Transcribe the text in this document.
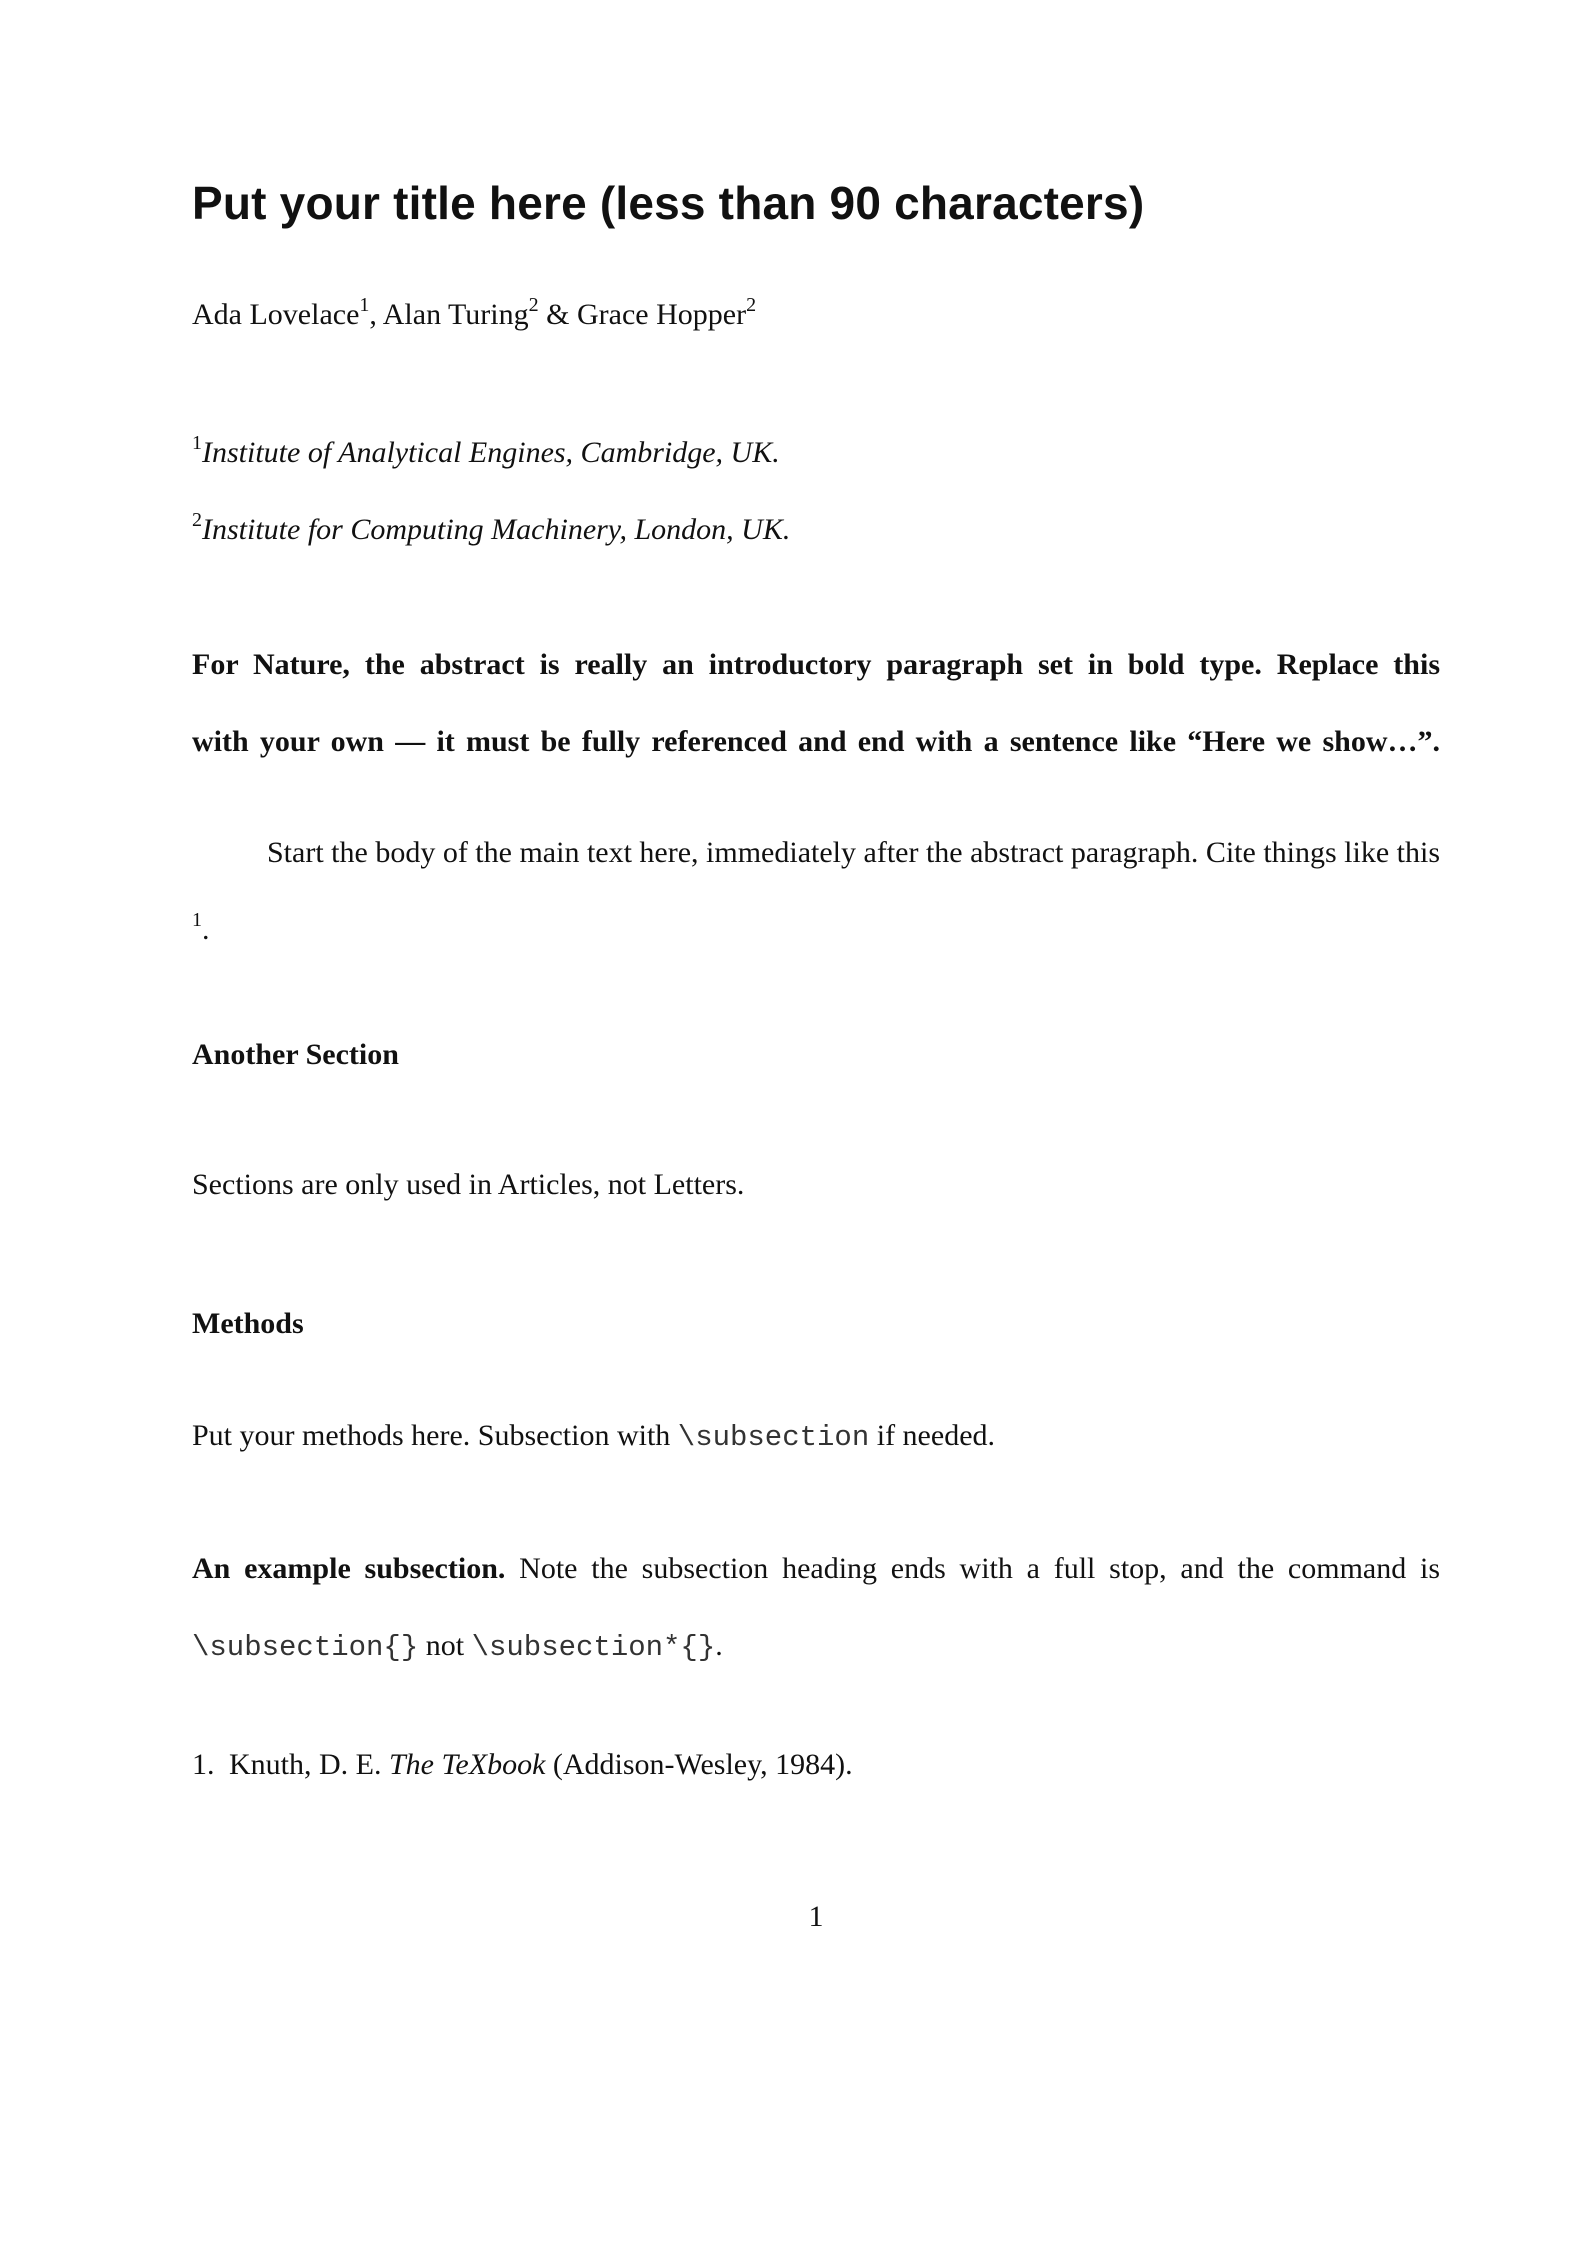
Put your title here (less than 90 characters)
Ada Lovelace$^1$, Alan Turing$^2$ & Grace Hopper$^2$
$^1$Institute of Analytical Engines, Cambridge, UK.
$^2$Institute for Computing Machinery, London, UK.
For Nature, the abstract is really an introductory paragraph set in bold type. Replace this
with your own — it must be fully referenced and end with a sentence like “Here we show…”.
Start the body of the main text here, immediately after the abstract paragraph. Cite things like this $^1$.
Another Section
Sections are only used in Articles, not Letters.
Methods
Put your methods here. Subsection with \subsection if needed.
An example subsection. Note the subsection heading ends with a full stop, and the command is
\subsection{} not \subsection*{}.
1. Knuth, D. E. The TeXbook (Addison-Wesley, 1984).
1
